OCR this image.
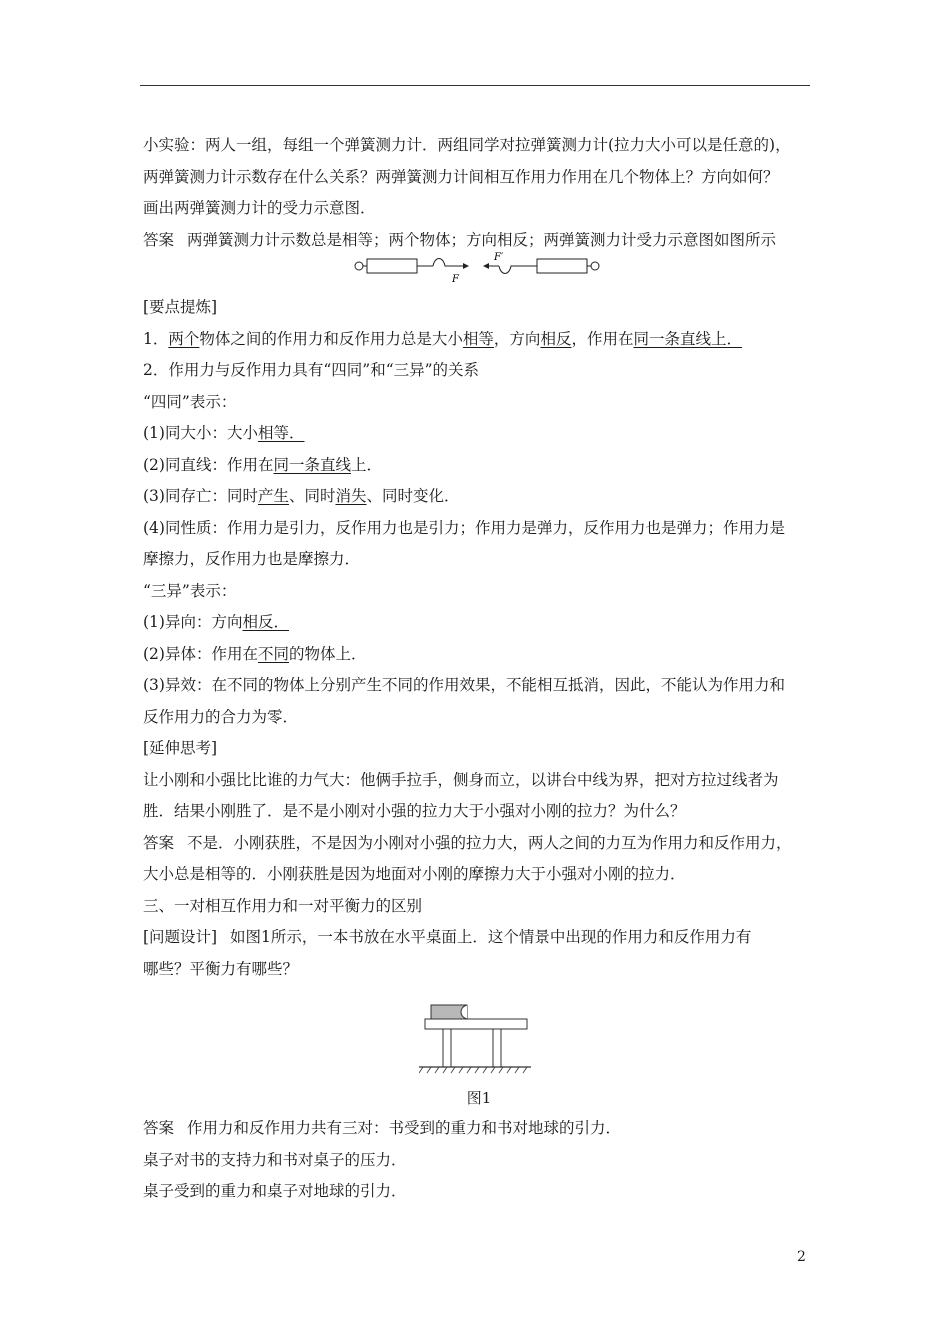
小实验：两人一组，每组一个弹簧测力计．两组同学对拉弹簧测力计(拉力大小可以是任意的)，
两弹簧测力计示数存在什么关系？两弹簧测力计间相互作用力作用在几个物体上？方向如何？
画出两弹簧测力计的受力示意图．
答案 两弹簧测力计示数总是相等；两个物体；方向相反；两弹簧测力计受力示意图如图所示
F
F′
[要点提炼]
1．两个物体之间的作用力和反作用力总是大小相等，方向相反，作用在同一条直线上．
2．作用力与反作用力具有“四同”和“三异”的关系
“四同”表示：
(1)同大小：大小相等．
(2)同直线：作用在同一条直线上．
(3)同存亡：同时产生、同时消失、同时变化．
(4)同性质：作用力是引力，反作用力也是引力；作用力是弹力，反作用力也是弹力；作用力是
摩擦力，反作用力也是摩擦力．
“三异”表示：
(1)异向：方向相反．
(2)异体：作用在不同的物体上．
(3)异效：在不同的物体上分别产生不同的作用效果，不能相互抵消，因此，不能认为作用力和
反作用力的合力为零．
[延伸思考]
让小刚和小强比比谁的力气大：他俩手拉手，侧身而立，以讲台中线为界，把对方拉过线者为
胜．结果小刚胜了．是不是小刚对小强的拉力大于小强对小刚的拉力？为什么？
答案 不是．小刚获胜，不是因为小刚对小强的拉力大，两人之间的力互为作用力和反作用力，
大小总是相等的．小刚获胜是因为地面对小刚的摩擦力大于小强对小刚的拉力．
三、一对相互作用力和一对平衡力的区别
[问题设计] 如图1所示，一本书放在水平桌面上．这个情景中出现的作用力和反作用力有
哪些？平衡力有哪些？
图1
答案 作用力和反作用力共有三对：书受到的重力和书对地球的引力．
桌子对书的支持力和书对桌子的压力．
桌子受到的重力和桌子对地球的引力．
2
